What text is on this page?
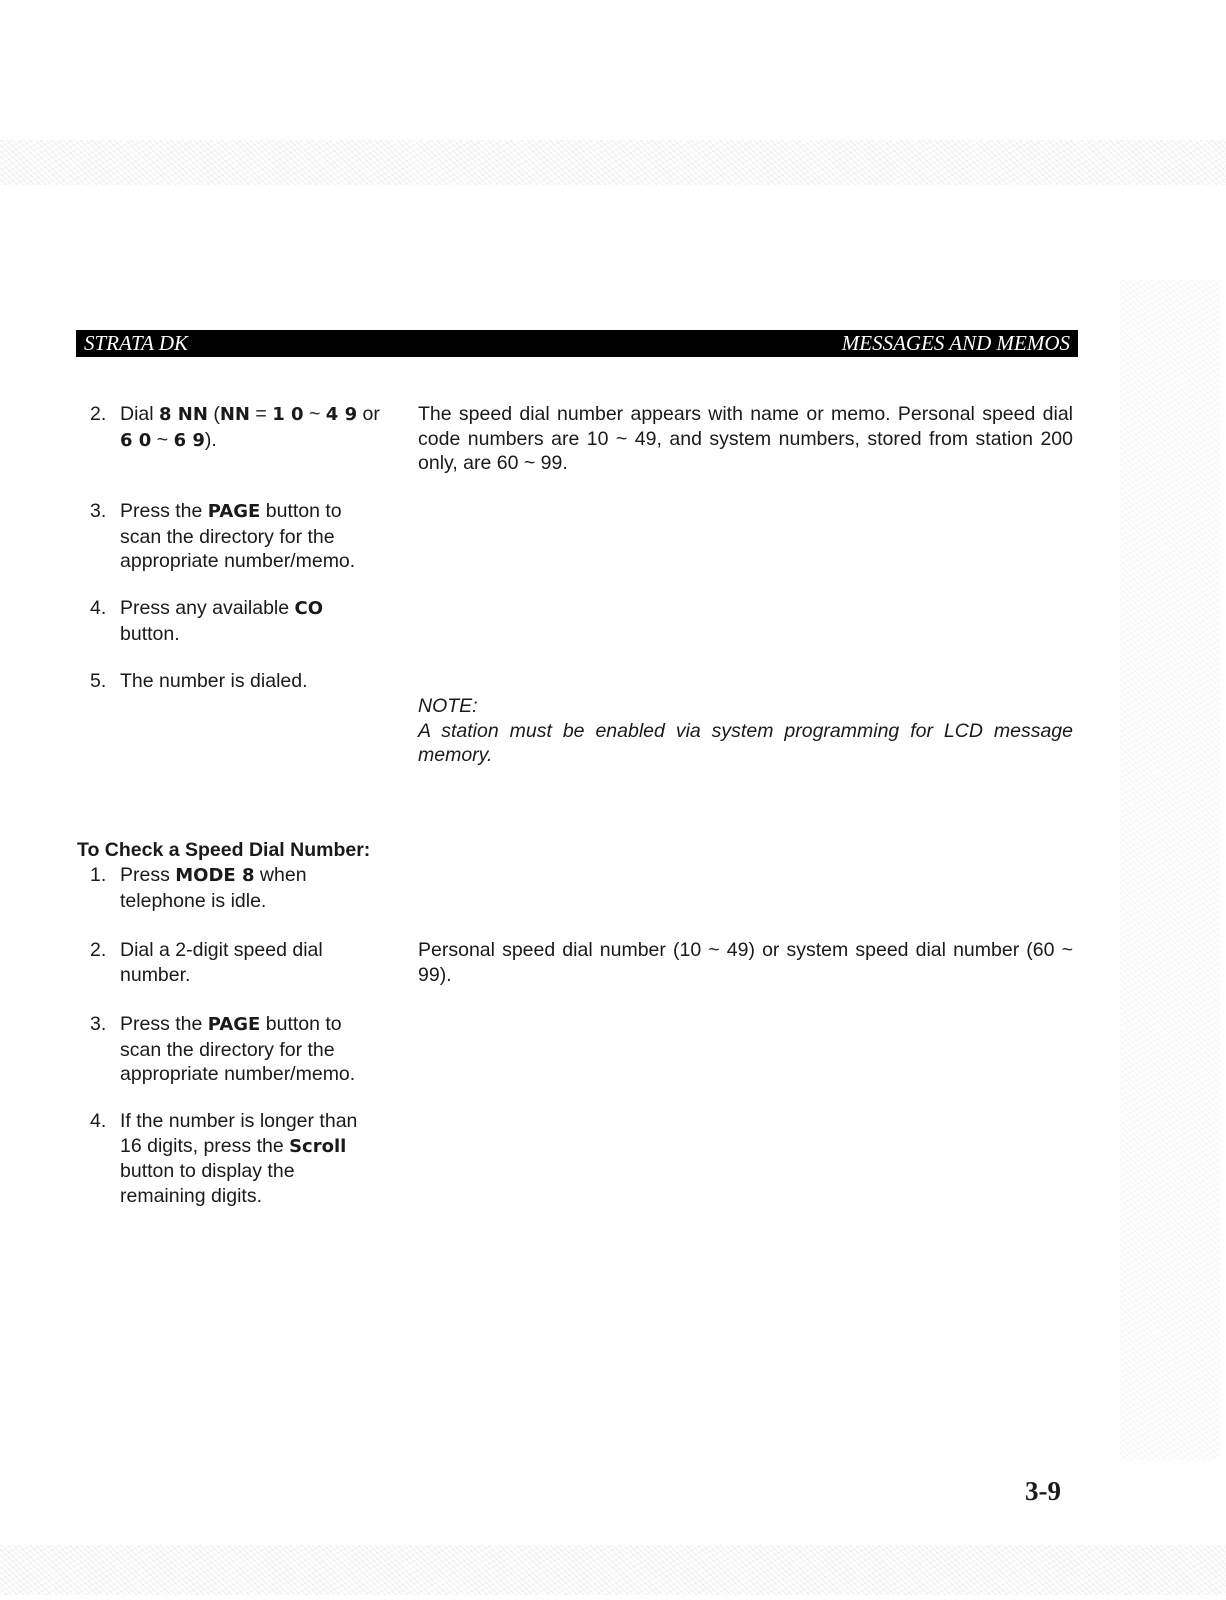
STRATA DK	MESSAGES AND MEMOS
2. Dial 8 NN (NN = 1 0 ~ 4 9 or 6 0 ~ 6 9).
3. Press the PAGE button to scan the directory for the appropriate number/memo.
4. Press any available CO button.
5. The number is dialed.
The speed dial number appears with name or memo. Personal speed dial code numbers are 10 ~ 49, and system numbers, stored from station 200 only, are 60 ~ 99.
NOTE:
A station must be enabled via system programming for LCD message memory.
To Check a Speed Dial Number:
1. Press MODE 8 when telephone is idle.
2. Dial a 2-digit speed dial number.
3. Press the PAGE button to scan the directory for the appropriate number/memo.
4. If the number is longer than 16 digits, press the Scroll button to display the remaining digits.
Personal speed dial number (10 ~ 49) or system speed dial number (60 ~ 99).
3-9
